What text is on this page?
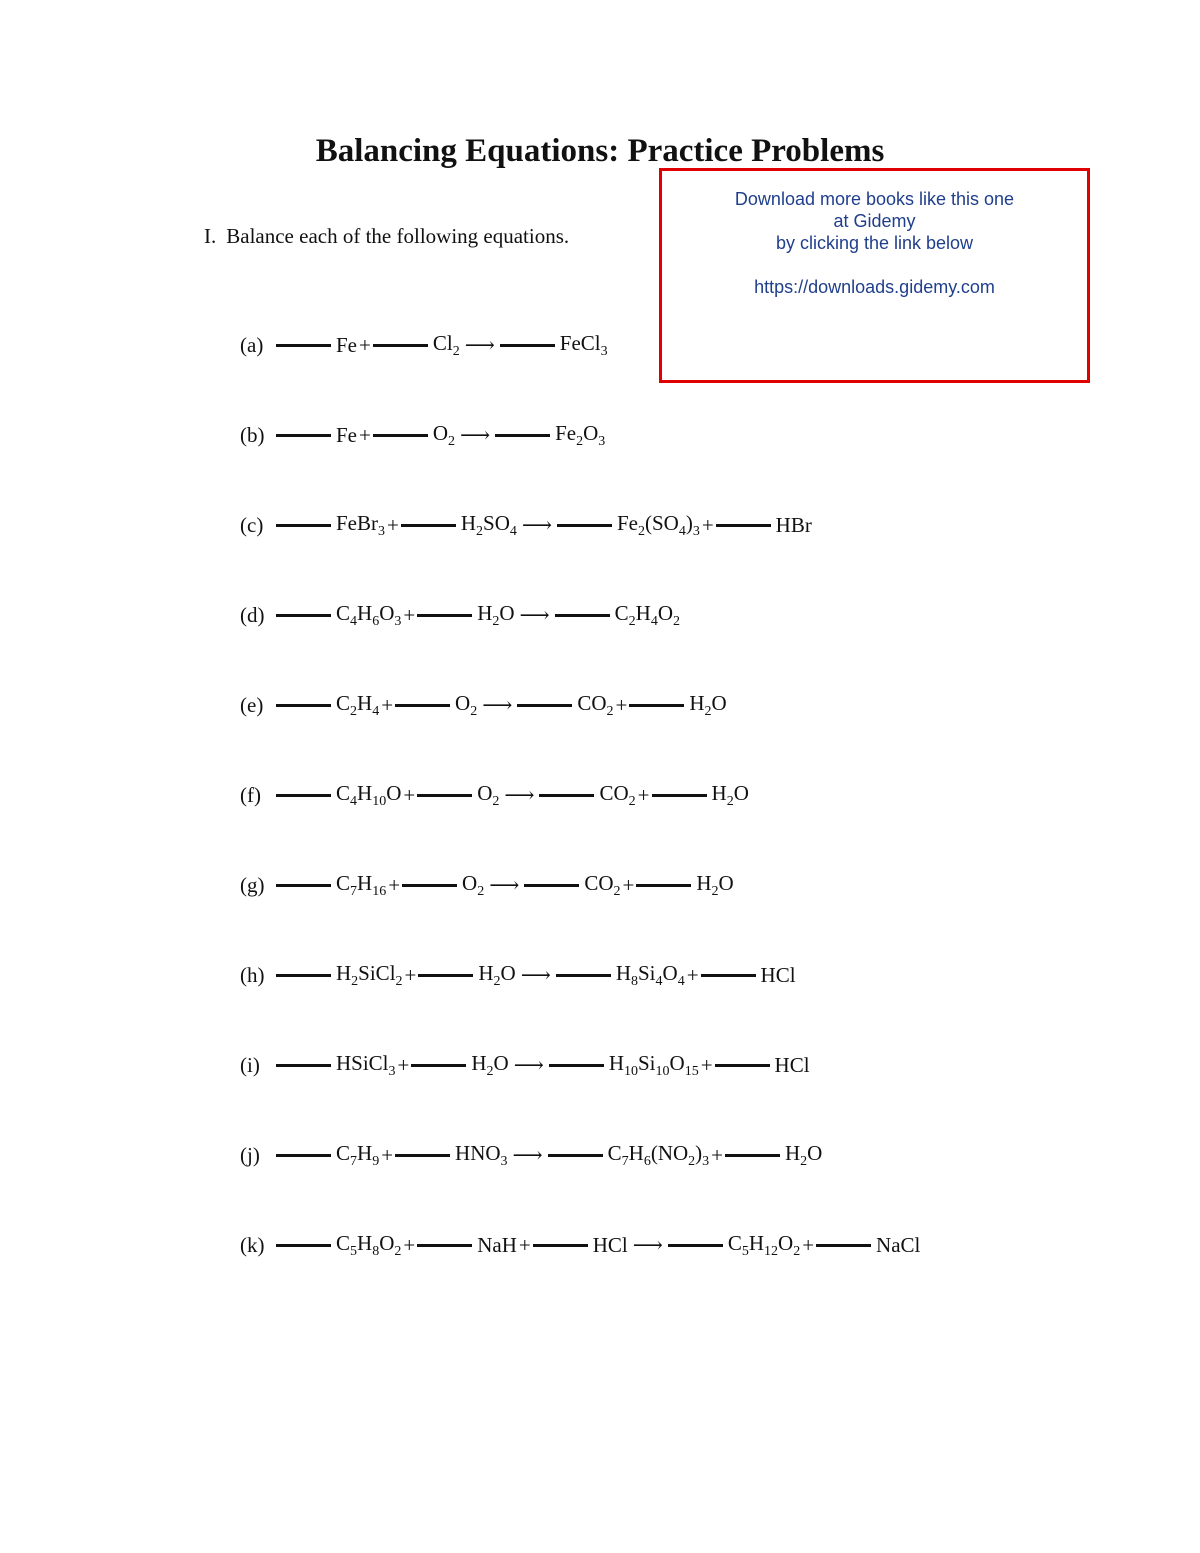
Balancing Equations: Practice Problems
I. Balance each of the following equations.
Download more books like this one
at Gidemy
by clicking the link below
https://downloads.gidemy.com
(a)	Fe +	$Cl_2$ ⟶	FeCl$_3$
(b)	Fe +	$O_2$ ⟶	$Fe_2O_3$
(c)	FeBr$_3$ +	$H_2SO_4$ ⟶	$Fe_2(SO_4)_3$ +	HBr
(d)	$C_4H_6O_3$ +	$H_2O$ ⟶	$C_2H_4O_2$
(e)	$C_2H_4$ +	$O_2$ ⟶	$CO_2$ +	$H_2O$
(f)	$C_4H_{10}O$ +	$O_2$ ⟶	$CO_2$ +	$H_2O$
(g)	$C_7H_{16}$ +	$O_2$ ⟶	$CO_2$ +	$H_2O$
(h)	$H_2SiCl_2$ +	$H_2O$ ⟶	$H_8Si_4O_4$ +	HCl
(i)	HSiCl$_3$ +	$H_2O$ ⟶	$H_{10}Si_{10}O_{15}$ +	HCl
(j)	$C_7H_9$ +	$HNO_3$ ⟶	$C_7H_6(NO_2)_3$ +	$H_2O$
(k)	$C_5H_8O_2$ +	NaH +	HCl ⟶	$C_5H_{12}O_2$ +	NaCl
